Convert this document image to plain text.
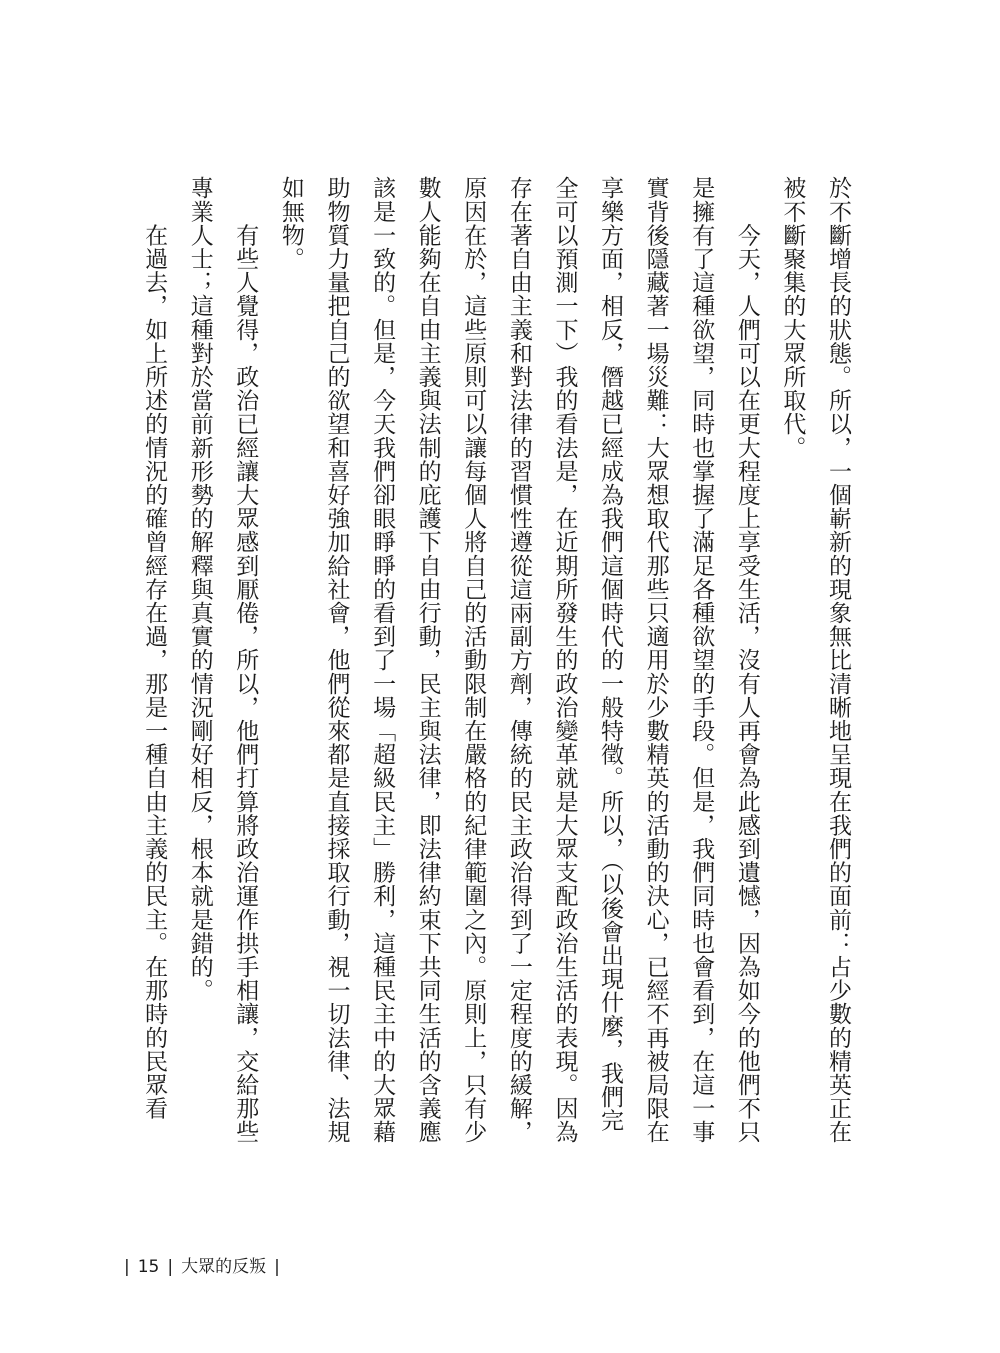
於不斷增長的狀態。所以，一個嶄新的現象無比清晰地呈現在我們的面前：占少數的精英正在
被不斷聚集的大眾所取代。
　　今天，人們可以在更大程度上享受生活，沒有人再會為此感到遺憾，因為如今的他們不只
是擁有了這種欲望，同時也掌握了滿足各種欲望的手段。但是，我們同時也會看到，在這一事
實背後隱藏著一場災難：大眾想取代那些只適用於少數精英的活動的決心，已經不再被局限在
享樂方面，相反，僭越已經成為我們這個時代的一般特徵。所以，（以後會出現什麼，我們完
全可以預測一下）我的看法是，在近期所發生的政治變革就是大眾支配政治生活的表現。因為
存在著自由主義和對法律的習慣性遵從這兩副方劑，傳統的民主政治得到了一定程度的緩解，
原因在於，這些原則可以讓每個人將自己的活動限制在嚴格的紀律範圍之內。原則上，只有少
數人能夠在自由主義與法制的庇護下自由行動，民主與法律，即法律約束下共同生活的含義應
該是一致的。但是，今天我們卻眼睜睜的看到了一場「超級民主」勝利，這種民主中的大眾藉
助物質力量把自己的欲望和喜好強加給社會，他們從來都是直接採取行動，視一切法律、法規
如無物。
　　有些人覺得，政治已經讓大眾感到厭倦，所以，他們打算將政治運作拱手相讓，交給那些
專業人士；這種對於當前新形勢的解釋與真實的情況剛好相反，根本就是錯的。
　　在過去，如上所述的情況的確曾經存在過，那是一種自由主義的民主。在那時的民眾看
| 15 | 大眾的反叛 |
